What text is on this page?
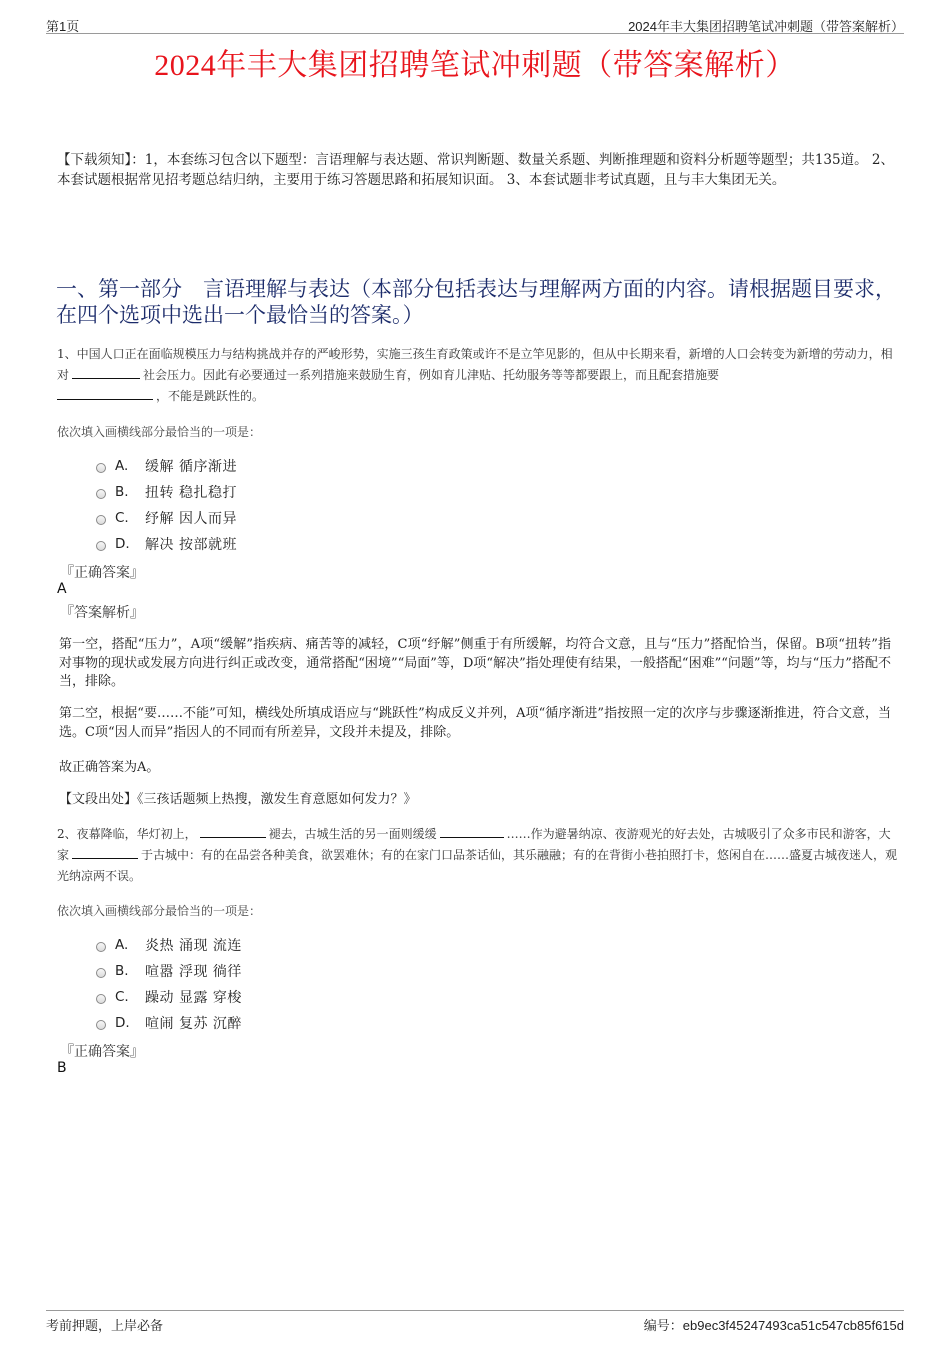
第1页	2024年丰大集团招聘笔试冲刺题（带答案解析）
2024年丰大集团招聘笔试冲刺题（带答案解析）
【下载须知】：1，本套练习包含以下题型：言语理解与表达题、常识判断题、数量关系题、判断推理题和资料分析题等题型；共135道。 2、本套试题根据常见招考题总结归纳，主要用于练习答题思路和拓展知识面。 3、本套试题非考试真题，且与丰大集团无关。
一、第一部分　言语理解与表达（本部分包括表达与理解两方面的内容。请根据题目要求，在四个选项中选出一个最恰当的答案。）
1、中国人口正在面临规模压力与结构挑战并存的严峻形势，实施三孩生育政策或许不是立竿见影的，但从中长期来看，新增的人口会转变为新增的劳动力，相对	社会压力。因此有必要通过一系列措施来鼓励生育，例如育儿津贴、托幼服务等等都要跟上，而且配套措施要
，不能是跳跃性的。
依次填入画横线部分最恰当的一项是：
A.	缓解 循序渐进
B.	扭转 稳扎稳打
C.	纾解 因人而异
D.	解决 按部就班
『正确答案』
A
『答案解析』
第一空，搭配“压力”，A项“缓解”指疾病、痛苦等的减轻，C项“纾解”侧重于有所缓解，均符合文意，且与“压力”搭配恰当，保留。B项“扭转”指对事物的现状或发展方向进行纠正或改变，通常搭配“困境”“局面”等，D项“解决”指处理使有结果，一般搭配“困难”“问题”等，均与“压力”搭配不当，排除。
第二空，根据“要……不能”可知，横线处所填成语应与“跳跃性”构成反义并列，A项“循序渐进”指按照一定的次序与步骤逐渐推进，符合文意，当选。C项“因人而异”指因人的不同而有所差异，文段并未提及，排除。
故正确答案为A。
【文段出处】《三孩话题频上热搜，激发生育意愿如何发力？》
2、夜幕降临，华灯初上，	褪去，古城生活的另一面则缓缓	……作为避暑纳凉、夜游观光的好去处，古城吸引了众多市民和游客，大家	于古城中：有的在品尝各种美食，欲罢难休；有的在家门口品茶话仙，其乐融融；有的在背街小巷拍照打卡，悠闲自在……盛夏古城夜迷人，观光纳凉两不误。
依次填入画横线部分最恰当的一项是：
A.	炎热 涌现 流连
B.	喧嚣 浮现 徜徉
C.	躁动 显露 穿梭
D.	喧闹 复苏 沉醉
『正确答案』
B
考前押题，上岸必备	编号：eb9ec3f45247493ca51c547cb85f615d
